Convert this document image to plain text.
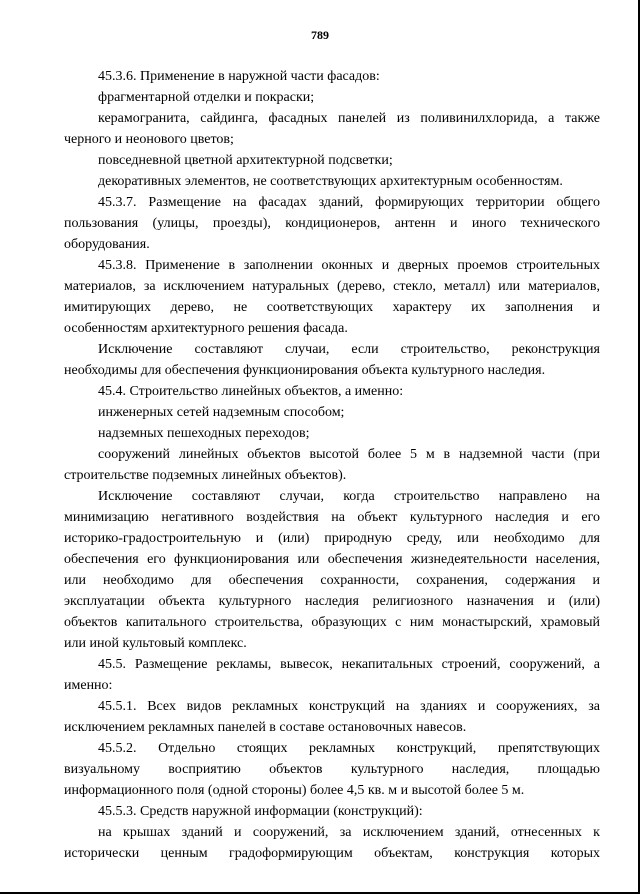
789
45.3.6. Применение в наружной части фасадов:
фрагментарной отделки и покраски;
керамогранита, сайдинга, фасадных панелей из поливинилхлорида, а также
черного и неонового цветов;
повседневной цветной архитектурной подсветки;
декоративных элементов, не соответствующих архитектурным особенностям.
45.3.7. Размещение на фасадах зданий, формирующих территории общего
пользования (улицы, проезды), кондиционеров, антенн и иного технического
оборудования.
45.3.8. Применение в заполнении оконных и дверных проемов строительных
материалов, за исключением натуральных (дерево, стекло, металл) или материалов,
имитирующих дерево, не соответствующих характеру их заполнения и
особенностям архитектурного решения фасада.
Исключение составляют случаи, если строительство, реконструкция
необходимы для обеспечения функционирования объекта культурного наследия.
45.4. Строительство линейных объектов, а именно:
инженерных сетей надземным способом;
надземных пешеходных переходов;
сооружений линейных объектов высотой более 5 м в надземной части (при
строительстве подземных линейных объектов).
Исключение составляют случаи, когда строительство направлено на
минимизацию негативного воздействия на объект культурного наследия и его
историко-градостроительную и (или) природную среду, или необходимо для
обеспечения его функционирования или обеспечения жизнедеятельности населения,
или необходимо для обеспечения сохранности, сохранения, содержания и
эксплуатации объекта культурного наследия религиозного назначения и (или)
объектов капитального строительства, образующих с ним монастырский, храмовый
или иной культовый комплекс.
45.5. Размещение рекламы, вывесок, некапитальных строений, сооружений, а
именно:
45.5.1. Всех видов рекламных конструкций на зданиях и сооружениях, за
исключением рекламных панелей в составе остановочных навесов.
45.5.2. Отдельно стоящих рекламных конструкций, препятствующих
визуальному восприятию объектов культурного наследия, площадью
информационного поля (одной стороны) более 4,5 кв. м и высотой более 5 м.
45.5.3. Средств наружной информации (конструкций):
на крышах зданий и сооружений, за исключением зданий, отнесенных к
исторически ценным градоформирующим объектам, конструкция которых
